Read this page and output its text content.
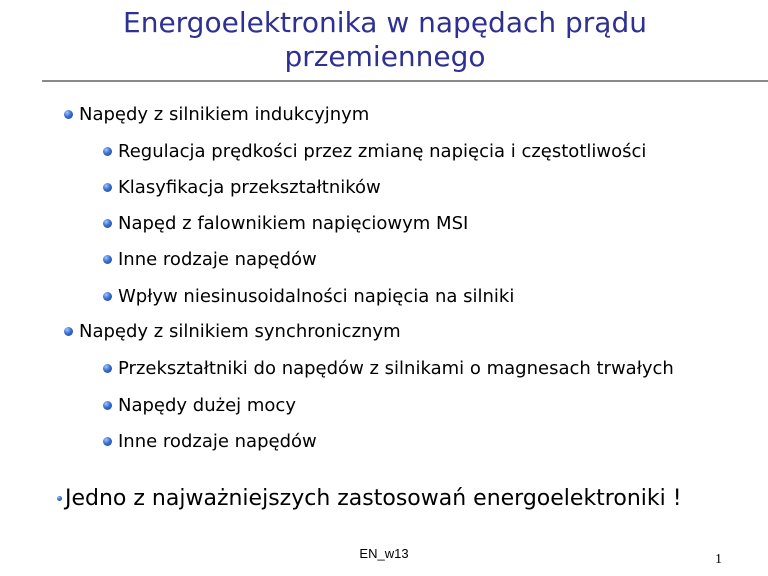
Energoelektronika w napędach prądu przemiennego
Napędy z silnikiem indukcyjnym
Regulacja prędkości przez zmianę napięcia i częstotliwości
Klasyfikacja przekształtników
Napęd z falownikiem napięciowym MSI
Inne rodzaje napędów
Wpływ niesinusoidalności napięcia na silniki
Napędy z silnikiem synchronicznym
Przekształtniki do napędów z silnikami o magnesach trwałych
Napędy dużej mocy
Inne rodzaje napędów
Jedno z najważniejszych zastosowań energoelektroniki !
EN_w13	1
